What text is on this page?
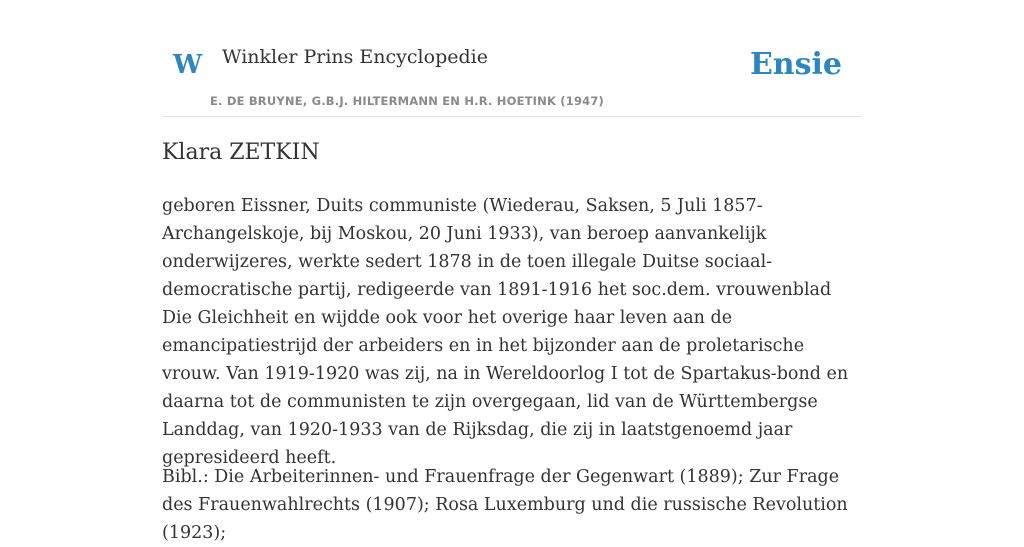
W Winkler Prins Encyclopedie
E. DE BRUYNE, G.B.J. HILTERMANN EN H.R. HOETINK (1947)
Ensie
Klara ZETKIN

geboren Eissner, Duits communiste (Wiederau, Saksen, 5 Juli 1857-Archangelskoje, bij Moskou, 20 Juni 1933), van beroep aanvankelijk onderwijzeres, werkte sedert 1878 in de toen illegale Duitse sociaal-democratische partij, redigeerde van 1891-1916 het soc.dem. vrouwenblad Die Gleichheit en wijdde ook voor het overige haar leven aan de emancipatiestrijd der arbeiders en in het bijzonder aan de proletarische vrouw. Van 1919-1920 was zij, na in Wereldoorlog I tot de Spartakus-bond en daarna tot de communisten te zijn overgegaan, lid van de Württembergse Landdag, van 1920-1933 van de Rijksdag, die zij in laatstgenoemd jaar gepresideerd heeft.

Bibl.: Die Arbeiterinnen- und Frauenfrage der Gegenwart (1889); Zur Frage des Frauenwahlrechts (1907); Rosa Luxemburg und die russische Revolution (1923);
